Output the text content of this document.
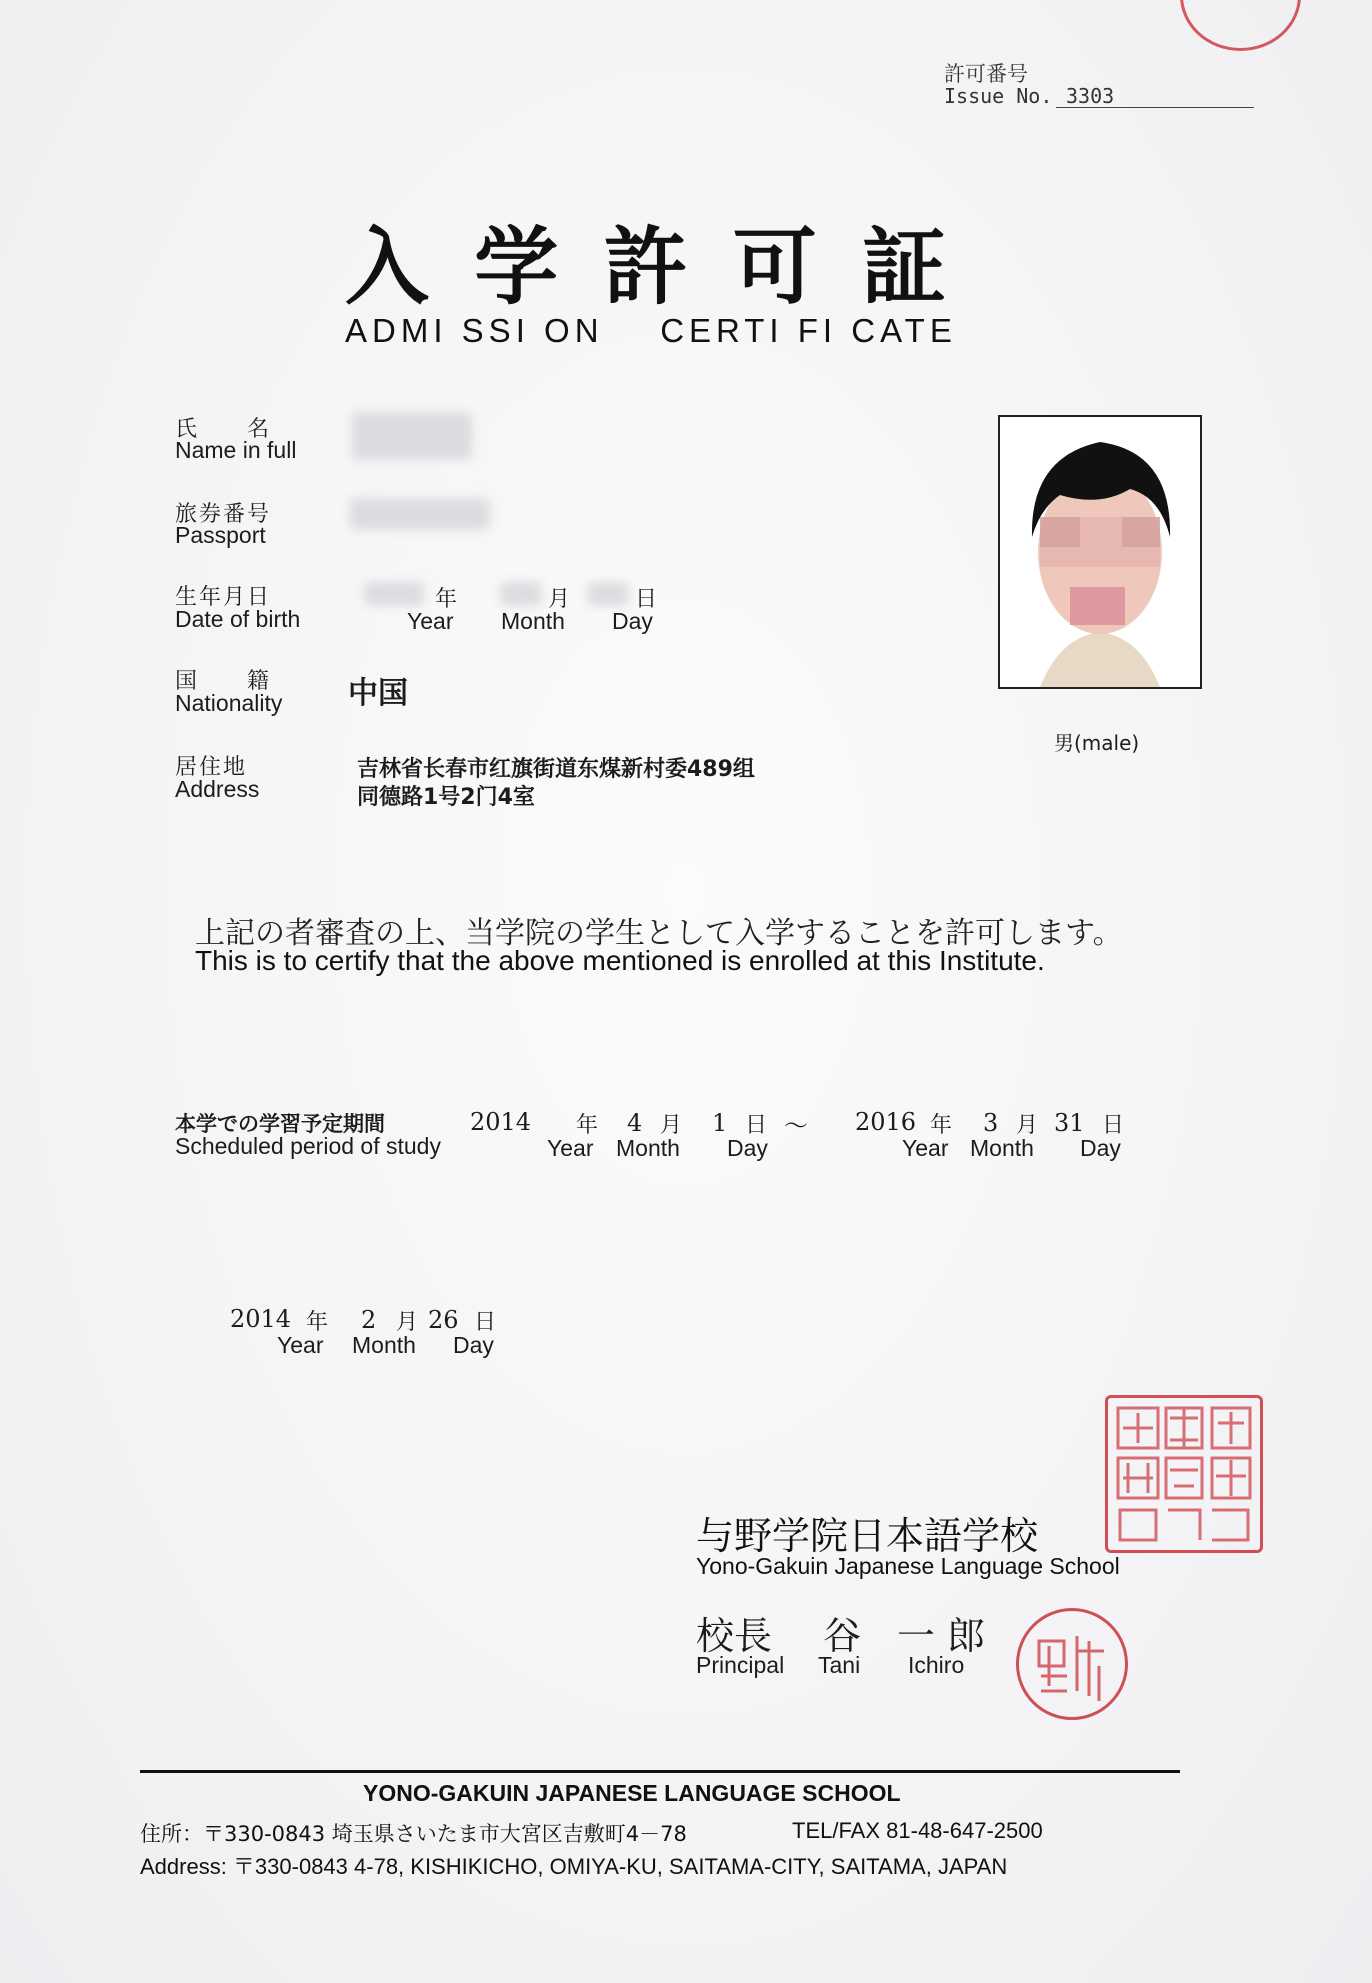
許可番号
Issue No. 3303
入 学 許 可 証
ADMI SSI ON    CERTI FI CATE
氏　　名
Name in full
旅券番号
Passport
生年月日
Date of birth
年	月	日
Year Month Day
国　　籍
Nationality 中国
居住地
Address
吉林省长春市红旗街道东煤新村委489组
同德路1号2门4室
男(male)
上記の者審査の上、当学院の学生として入学することを許可します。
This is to certify that the above mentioned is enrolled at this Institute.
本学での学習予定期間
Scheduled period of study
2014 年 4 月 1 日 ～
Year Month Day
2016 年 3 月 31 日
Year Month Day
2014 年 2 月 26 日
Year Month Day
与野学院日本語学校
Yono-Gakuin Japanese Language School
校長 谷 一 郎
Principal Tani Ichiro
YONO-GAKUIN JAPANESE LANGUAGE SCHOOL
住所：〒330-0843 埼玉県さいたま市大宮区吉敷町4－78	TEL/FAX 81-48-647-2500
Address: 〒330-0843 4-78, KISHIKICHO, OMIYA-KU, SAITAMA-CITY, SAITAMA, JAPAN
